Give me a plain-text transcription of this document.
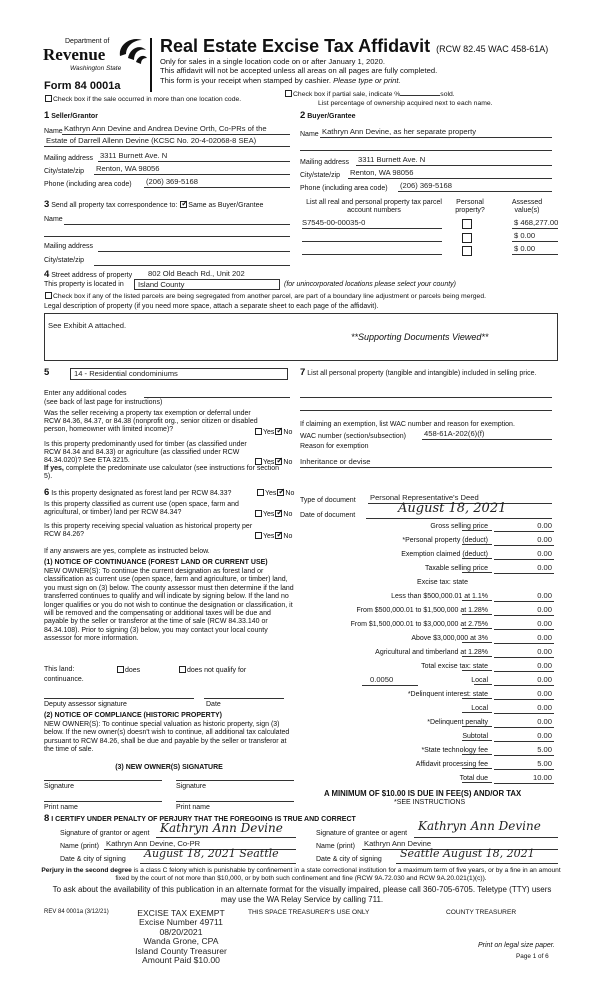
Department of
Revenue
Washington State
Form 84 0001a
Real Estate Excise Tax Affidavit (RCW 82.45 WAC 458-61A)
Only for sales in a single location code on or after January 1, 2020.
This affidavit will not be accepted unless all areas on all pages are fully completed.
This form is your receipt when stamped by cashier. Please type or print.
Check box if the sale occurred in more than one location code.
Check box if partial sale, indicate %	sold.
List percentage of ownership acquired next to each name.
1 Seller/Grantor
Name Kathryn Ann Devine and Andrea Devine Orth, Co-PRs of the
Estate of Darrell Allenn Devine (KCSC No. 20-4-02068-8 SEA)
Mailing address 3311 Burnett Ave. N
City/state/zip Renton, WA 98056
Phone (including area code) (206) 369-5168
2 Buyer/Grantee
Name Kathryn Ann Devine, as her separate property
Mailing address 3311 Burnett Ave. N
City/state/zip Renton, WA 98056
Phone (including area code) (206) 369-5168
3 Send all property tax correspondence to: ✓ Same as Buyer/Grantee
Name
Mailing address
City/state/zip
List all real and personal property tax parcel account numbers
Personal property?
Assessed value(s)
S7545-00-00035-0	$ 468,277.00
$ 0.00
$ 0.00
4 Street address of property 802 Old Beach Rd., Unit 202
This property is located in	Island County	(for unincorporated locations please select your county)
Check box if any of the listed parcels are being segregated from another parcel, are part of a boundary line adjustment or parcels being merged.
Legal description of property (if you need more space, attach a separate sheet to each page of the affidavit).
See Exhibit A attached.
**Supporting Documents Viewed**
5	14 - Residential condominiums
Enter any additional codes
(see back of last page for instructions)
Was the seller receiving a property tax exemption or deferral under RCW 84.36, 84.37, or 84.38 (nonprofit org., senior citizen or disabled person, homeowner with limited income)?	Yes ✓ No
Is this property predominantly used for timber (as classified under RCW 84.34 and 84.33) or agriculture (as classified under RCW 84.34.020)? See ETA 3215.	Yes ✓ No
If yes, complete the predominate use calculator (see instructions for section 5).
7 List all personal property (tangible and intangible) included in selling price.
If claiming an exemption, list WAC number and reason for exemption.
WAC number (section/subsection) 458-61A-202(6)(f)
Reason for exemption
Inheritance or devise
6 Is this property designated as forest land per RCW 84.33?	Yes ✓ No
Is this property classified as current use (open space, farm and agricultural, or timber) land per RCW 84.34?	Yes ✓ No
Is this property receiving special valuation as historical property per RCW 84.26?	Yes ✓ No
If any answers are yes, complete as instructed below.
(1) NOTICE OF CONTINUANCE (FOREST LAND OR CURRENT USE)
NEW OWNER(S): To continue the current designation as forest land or classification as current use (open space, farm and agriculture, or timber) land, you must sign on (3) below. The county assessor must then determine if the land transferred continues to qualify and will indicate by signing below. If the land no longer qualifies or you do not wish to continue the designation or classification, it will be removed and the compensating or additional taxes will be due and payable by the seller or transferor at the time of sale (RCW 84.33.140 or 84.34.108). Prior to signing (3) below, you may contact your local county assessor for more information.
This land:	does	does not qualify for
continuance.
Deputy assessor signature	Date
(2) NOTICE OF COMPLIANCE (HISTORIC PROPERTY)
NEW OWNER(S): To continue special valuation as historic property, sign (3) below. If the new owner(s) doesn't wish to continue, all additional tax calculated pursuant to RCW 84.26, shall be due and payable by the seller or transferor at the time of sale.
(3) NEW OWNER(S) SIGNATURE
Signature	Signature
Print name	Print name
Type of document Personal Representative's Deed
Date of document	August 18, 2021
Gross selling price	0.00
*Personal property (deduct)	0.00
Exemption claimed (deduct)	0.00
Taxable selling price	0.00
Excise tax: state
Less than $500,000.01 at 1.1%	0.00
From $500,000.01 to $1,500,000 at 1.28%	0.00
From $1,500,000.01 to $3,000,000 at 2.75%	0.00
Above $3,000,000 at 3%	0.00
Agricultural and timberland at 1.28%	0.00
Total excise tax: state	0.00
Local
0.0050	0.00
*Delinquent interest: state	0.00
Local	0.00
*Delinquent penalty	0.00
Subtotal	0.00
*State technology fee	5.00
Affidavit processing fee	5.00
Total due	10.00
A MINIMUM OF $10.00 IS DUE IN FEE(S) AND/OR TAX
*SEE INSTRUCTIONS
8 I CERTIFY UNDER PENALTY OF PERJURY THAT THE FOREGOING IS TRUE AND CORRECT
Signature of grantor or agent Kathryn Ann Devine
Name (print) Kathryn Ann Devine, Co-PR
Date & city of signing August 18, 2021 Seattle
Signature of grantee or agent
Kathryn Ann Devine
Name (print) Kathryn Ann Devine
Date & city of signing Seattle August 18, 2021
Perjury in the second degree is a class C felony which is punishable by confinement in a state correctional institution for a maximum term of five years, or by a fine in an amount fixed by the court of not more than $10,000, or by both such confinement and fine (RCW 9A.72.030 and RCW 9A.20.021(1)(c)).
To ask about the availability of this publication in an alternate format for the visually impaired, please call 360-705-6705. Teletype (TTY) users may use the WA Relay Service by calling 711.
REV 84 0001a (3/12/21)	EXCISE TAX EXEMPT
Excise Number 49711
08/20/2021
Wanda Grone, CPA
Island County Treasurer
Amount Paid $10.00
THIS SPACE TREASURER'S USE ONLY	COUNTY TREASURER
Print on legal size paper.
Page 1 of 6
